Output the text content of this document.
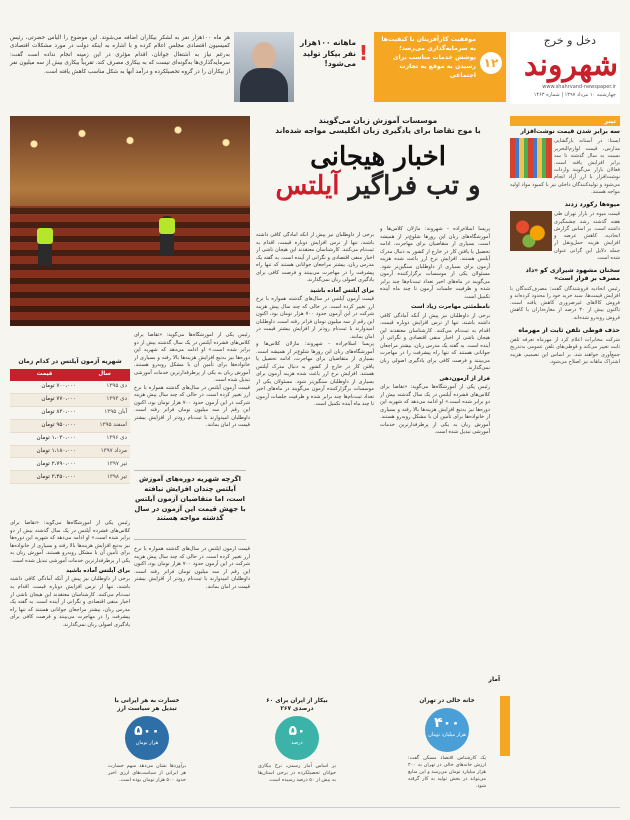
دخل و خرج
شهروند
www.shahrvand-newspaper.ir
چهارشنبه ۱۰ مرداد ۱۳۹۷ | شماره ۱۴۶۳
۱۲
موفقیت کارآفرینان با کیفیت‌ها به سرمایه‌گذاری می‌رسد؛ پوشش خدمات مناسب برای رسیدن به موقع به تجارت اجتماعی
!
ماهانه ۱۰۰هزار نفر بیکار تولید می‌شود!
هر ماه ۱۰۰هزار نفر به لشکر بیکاران اضافه می‌شوند. این موضوع را الیاس حضرتی، رئیس کمیسیون اقتصادی مجلس اعلام کرده و با اشاره به اینکه دولت در مورد مشکلات اقتصادی به‌رغم نیاز به اشتغال جوانان، اقدام مؤثری در این زمینه انجام نداده است گفت: سرمایه‌گذاری‌ها به‌گونه‌ای نیست که به بیکاری مصرف کند. تقریباً بیکاری بیش از سه میلیون نفر از بیکاران را در گروه تحصیلکرده و درآمد آنها به شکل مناسب کاهش یافته است.
تیتر
سه برابر شدن قیمت نوشت‌افزار
ایسنا: در آستانه بازگشایی مدارس، قیمت لوازم‌التحریر نسبت به سال گذشته تا سه برابر افزایش یافته است. فعالان بازار می‌گویند واردات نوشت‌افزار با ارز آزاد انجام می‌شود و تولیدکنندگان داخلی نیز با کمبود مواد اولیه مواجه هستند.
میوه‌ها رکورد زدند
قیمت میوه در بازار تهران طی هفته گذشته رشد چشمگیری داشته است. بر اساس گزارش اتحادیه، کاهش عرضه و افزایش هزینه حمل‌ونقل از جمله دلایل این گرانی عنوان شده است.
سخنان مشهود شیرازی کو «داد مصرف بر قرار است»
رئیس اتحادیه فروشندگان گفت: مصرف‌کنندگان با افزایش قیمت‌ها، سبد خرید خود را محدود کرده‌اند و فروش کالاهای غیرضروری کاهش یافته است. تاکنون بیش از ۳۰ درصد از مغازه‌داران با کاهش فروش روبه‌رو شده‌اند.
حذف قوطی تلفن ثابت از مهرماه
شرکت مخابرات اعلام کرد از مهرماه تعرفه تلفن ثابت تغییر می‌کند و قوطی‌های تلفن عمومی به‌تدریج جمع‌آوری خواهند شد. بر اساس این تصمیم، هزینه اشتراک ماهانه نیز اصلاح می‌شود.
موسسات آموزش زبان می‌گویند
با موج تقاضا برای یادگیری زبان انگلیسی مواجه شده‌اند
اخبار هیجانی
و تب فراگیر آیلتس
پریسا اسلام‌زاده - شهروند: ماژلان کلاس‌ها و آموزشگاه‌های زبان این روزها شلوغ‌تر از همیشه است. بسیاری از متقاضیان برای مهاجرت، ادامه تحصیل یا یافتن کار در خارج از کشور به دنبال مدرک آیلتس هستند. افزایش نرخ ارز باعث شده هزینه آزمون برای بسیاری از داوطلبان سنگین‌تر شود. مسئولان یکی از موسسات برگزارکننده آزمون می‌گویند در ماه‌های اخیر تعداد ثبت‌نام‌ها چند برابر شده و ظرفیت جلسات آزمون تا چند ماه آینده تکمیل است.
نامطمئنی مهاجرت زیاد است
برخی از داوطلبان نیز پیش از آنکه آمادگی کافی داشته باشند، تنها از ترس افزایش دوباره قیمت، اقدام به ثبت‌نام می‌کنند. کارشناسان معتقدند این هیجان ناشی از اخبار منفی اقتصادی و نگرانی از آینده است. به گفته یک مدرس زبان، بیشتر مراجعان جوانانی هستند که تنها راه پیشرفت را در مهاجرت می‌بینند و فرصت کافی برای یادگیری اصولی زبان نمی‌گذارند.
فرار از آزمون‌دهی
رئیس یکی از آموزشگاه‌ها می‌گوید: «تقاضا برای کلاس‌های فشرده آیلتس در یک سال گذشته بیش از دو برابر شده است.» او ادامه می‌دهد که شهریه این دوره‌ها نیز به‌تبع افزایش هزینه‌ها بالا رفته و بسیاری از خانواده‌ها برای تأمین آن با مشکل روبه‌رو هستند. آموزش زبان به یکی از پرطرفدارترین خدمات آموزشی تبدیل شده است.
برخی از داوطلبان نیز پیش از آنکه آمادگی کافی داشته باشند، تنها از ترس افزایش دوباره قیمت، اقدام به ثبت‌نام می‌کنند. کارشناسان معتقدند این هیجان ناشی از اخبار منفی اقتصادی و نگرانی از آینده است. به گفته یک مدرس زبان، بیشتر مراجعان جوانانی هستند که تنها راه پیشرفت را در مهاجرت می‌بینند و فرصت کافی برای یادگیری اصولی زبان نمی‌گذارند.
برای آیلتس آماده باشید
قیمت آزمون آیلتس در سال‌های گذشته همواره با نرخ ارز تغییر کرده است. در حالی که چند سال پیش هزینه شرکت در این آزمون حدود ۷۰۰ هزار تومان بود، اکنون این رقم از سه میلیون تومان فراتر رفته است. داوطلبان امیدوارند با ثبت‌نام زودتر از افزایش بیشتر قیمت در امان بمانند.
پریسا اسلام‌زاده - شهروند: ماژلان کلاس‌ها و آموزشگاه‌های زبان این روزها شلوغ‌تر از همیشه است. بسیاری از متقاضیان برای مهاجرت، ادامه تحصیل یا یافتن کار در خارج از کشور به دنبال مدرک آیلتس هستند. افزایش نرخ ارز باعث شده هزینه آزمون برای بسیاری از داوطلبان سنگین‌تر شود. مسئولان یکی از موسسات برگزارکننده آزمون می‌گویند در ماه‌های اخیر تعداد ثبت‌نام‌ها چند برابر شده و ظرفیت جلسات آزمون تا چند ماه آینده تکمیل است.
رئیس یکی از آموزشگاه‌ها می‌گوید: «تقاضا برای کلاس‌های فشرده آیلتس در یک سال گذشته بیش از دو برابر شده است.» او ادامه می‌دهد که شهریه این دوره‌ها نیز به‌تبع افزایش هزینه‌ها بالا رفته و بسیاری از خانواده‌ها برای تأمین آن با مشکل روبه‌رو هستند. آموزش زبان به یکی از پرطرفدارترین خدمات آموزشی تبدیل شده است.
قیمت آزمون آیلتس در سال‌های گذشته همواره با نرخ ارز تغییر کرده است. در حالی که چند سال پیش هزینه شرکت در این آزمون حدود ۷۰۰ هزار تومان بود، اکنون این رقم از سه میلیون تومان فراتر رفته است. داوطلبان امیدوارند با ثبت‌نام زودتر از افزایش بیشتر قیمت در امان بمانند.
اگرچه شهریه دوره‌های آموزش آیلتس چندان افزایش نیافته است، اما متقاضیان آزمون آیلتس با جهش قیمت این آزمون در سال گذشته مواجه هستند
قیمت آزمون آیلتس در سال‌های گذشته همواره با نرخ ارز تغییر کرده است. در حالی که چند سال پیش هزینه شرکت در این آزمون حدود ۷۰۰ هزار تومان بود، اکنون این رقم از سه میلیون تومان فراتر رفته است. داوطلبان امیدوارند با ثبت‌نام زودتر از افزایش بیشتر قیمت در امان بمانند.
شهریه آزمون آیلتس در کدام زمان
سال	قیمت
دی ۱۳۹۵	۷۰۰،۰۰۰ تومان
دی ۱۳۹۳	۷۷۰،۰۰۰ تومان
آبان ۱۳۹۵	۸۳۰،۰۰۰ تومان
اسفند ۱۳۹۵	۹۵۰،۰۰۰ تومان
دی ۱۳۹۶	۱،۰۳۰،۰۰۰ تومان
مرداد ۱۳۹۷	۱،۱۸۰،۰۰۰ تومان
تیر ۱۳۹۷	۲،۷۹۰،۰۰۰ تومان
تیر ۱۳۹۸	۳،۴۵۰،۰۰۰ تومان
رئیس یکی از آموزشگاه‌ها می‌گوید: «تقاضا برای کلاس‌های فشرده آیلتس در یک سال گذشته بیش از دو برابر شده است.» او ادامه می‌دهد که شهریه این دوره‌ها نیز به‌تبع افزایش هزینه‌ها بالا رفته و بسیاری از خانواده‌ها برای تأمین آن با مشکل روبه‌رو هستند. آموزش زبان به یکی از پرطرفدارترین خدمات آموزشی تبدیل شده است.
برای آیلتس آماده باشید
برخی از داوطلبان نیز پیش از آنکه آمادگی کافی داشته باشند، تنها از ترس افزایش دوباره قیمت، اقدام به ثبت‌نام می‌کنند. کارشناسان معتقدند این هیجان ناشی از اخبار منفی اقتصادی و نگرانی از آینده است. به گفته یک مدرس زبان، بیشتر مراجعان جوانانی هستند که تنها راه پیشرفت را در مهاجرت می‌بینند و فرصت کافی برای یادگیری اصولی زبان نمی‌گذارند.
آمار
خانه خالی در تهران
۴۰۰
هزار میلیارد تومان
یک کارشناس اقتصاد مسکن گفت: ارزش خانه‌های خالی در تهران به ۴۰۰ هزار میلیارد تومان می‌رسد و این منابع می‌تواند در بخش تولید به کار گرفته شود.
بیکار از ایران برای ۶۰ درصدی ۲۶۷
۵۰
درصد
بر اساس آمار رسمی، نرخ بیکاری جوانان تحصیلکرده در برخی استان‌ها به بیش از ۵۰ درصد رسیده است.
خسارت به هر ایرانی با تبدیل هر سیاست ارز
۵۰۰
هزار تومان
برآوردها نشان می‌دهد سهم خسارت هر ایرانی از سیاست‌های ارزی اخیر حدود ۵۰۰ هزار تومان بوده است.
